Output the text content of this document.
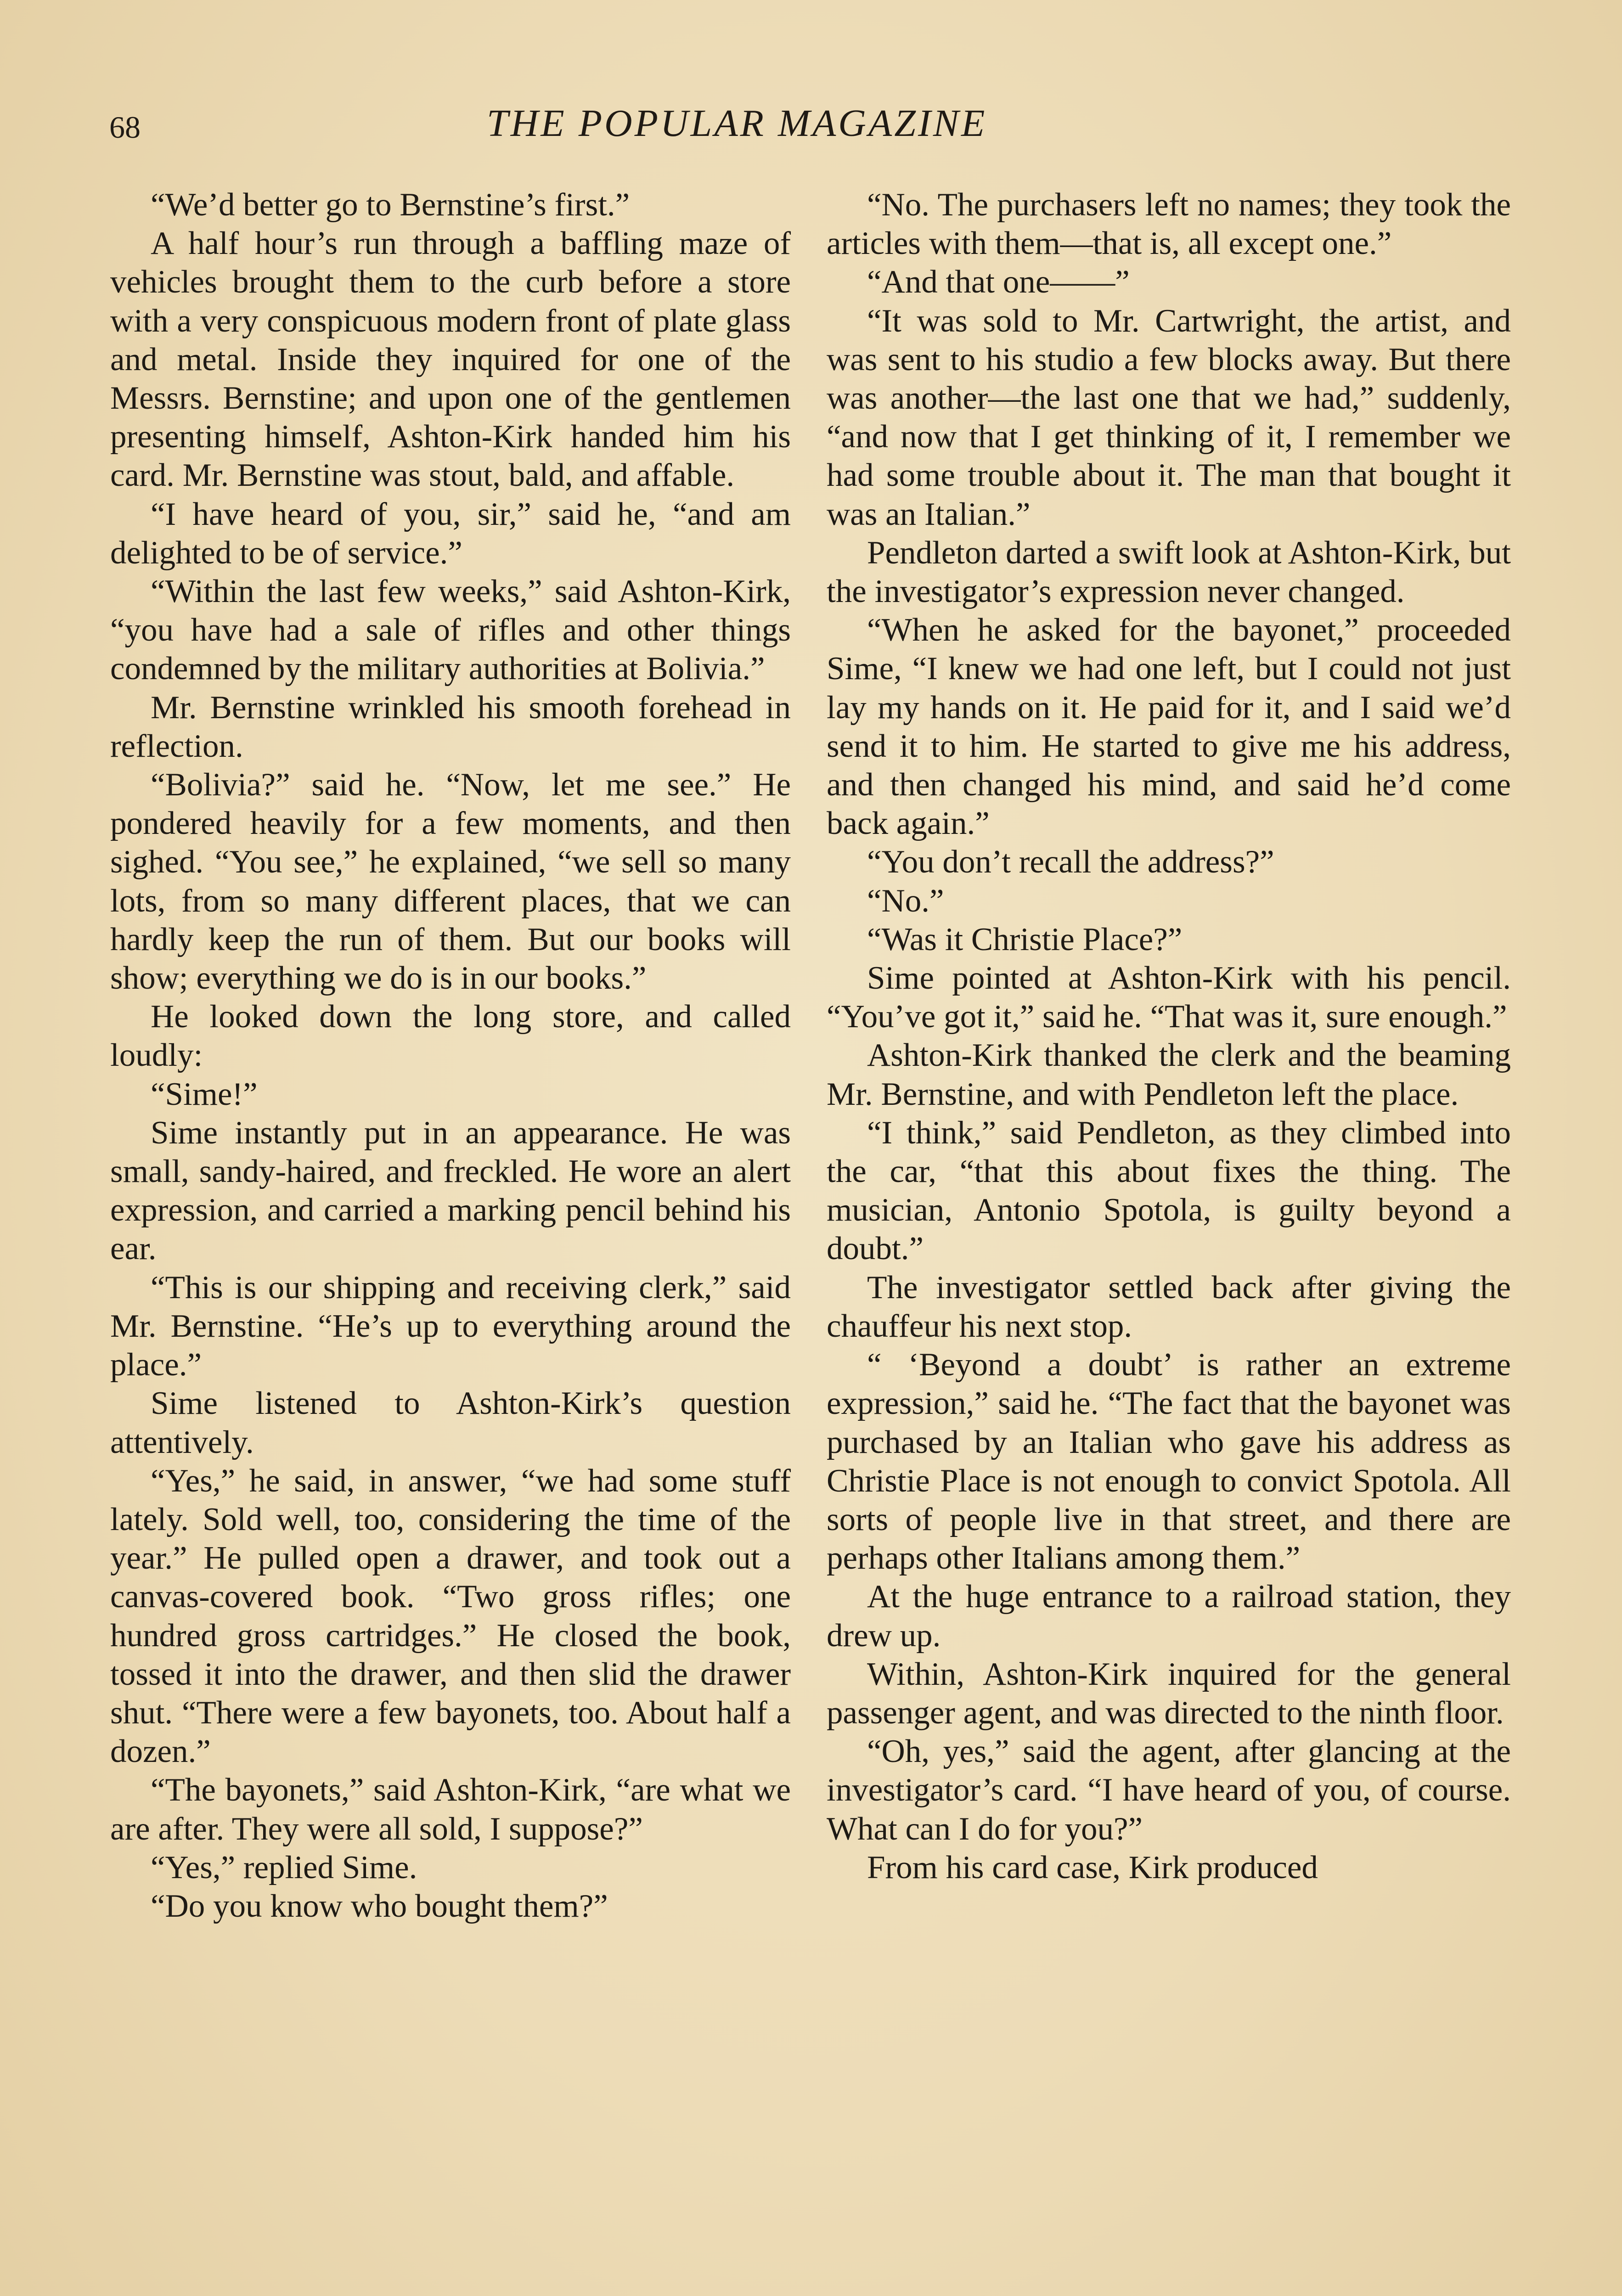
68	THE POPULAR MAGAZINE

“We’d better go to Bernstine’s first.”

A half hour’s run through a baffling maze of vehicles brought them to the curb before a store with a very conspicuous modern front of plate glass and metal. Inside they inquired for one of the Messrs. Bernstine; and upon one of the gentlemen presenting himself, Ashton-Kirk handed him his card. Mr. Bernstine was stout, bald, and affable.

“I have heard of you, sir,” said he, “and am delighted to be of service.”

“Within the last few weeks,” said Ashton-Kirk, “you have had a sale of rifles and other things condemned by the military authorities at Bolivia.”

Mr. Bernstine wrinkled his smooth forehead in reflection.

“Bolivia?” said he. “Now, let me see.” He pondered heavily for a few moments, and then sighed. “You see,” he explained, “we sell so many lots, from so many different places, that we can hardly keep the run of them. But our books will show; everything we do is in our books.”

He looked down the long store, and called loudly:

“Sime!”

Sime instantly put in an appearance. He was small, sandy-haired, and freckled. He wore an alert expression, and carried a marking pencil behind his ear.

“This is our shipping and receiving clerk,” said Mr. Bernstine. “He’s up to everything around the place.”

Sime listened to Ashton-Kirk’s question attentively.

“Yes,” he said, in answer, “we had some stuff lately. Sold well, too, considering the time of the year.” He pulled open a drawer, and took out a canvas-covered book. “Two gross rifles; one hundred gross cartridges.” He closed the book, tossed it into the drawer, and then slid the drawer shut. “There were a few bayonets, too. About half a dozen.”

“The bayonets,” said Ashton-Kirk, “are what we are after. They were all sold, I suppose?”

“Yes,” replied Sime.

“Do you know who bought them?”

“No. The purchasers left no names; they took the articles with them—that is, all except one.”

“And that one——”

“It was sold to Mr. Cartwright, the artist, and was sent to his studio a few blocks away. But there was another—the last one that we had,” suddenly, “and now that I get thinking of it, I remember we had some trouble about it. The man that bought it was an Italian.”

Pendleton darted a swift look at Ashton-Kirk, but the investigator’s expression never changed.

“When he asked for the bayonet,” proceeded Sime, “I knew we had one left, but I could not just lay my hands on it. He paid for it, and I said we’d send it to him. He started to give me his address, and then changed his mind, and said he’d come back again.”

“You don’t recall the address?”

“No.”

“Was it Christie Place?”

Sime pointed at Ashton-Kirk with his pencil. “You’ve got it,” said he. “That was it, sure enough.”

Ashton-Kirk thanked the clerk and the beaming Mr. Bernstine, and with Pendleton left the place.

“I think,” said Pendleton, as they climbed into the car, “that this about fixes the thing. The musician, Antonio Spotola, is guilty beyond a doubt.”

The investigator settled back after giving the chauffeur his next stop.

“ ‘Beyond a doubt’ is rather an extreme expression,” said he. “The fact that the bayonet was purchased by an Italian who gave his address as Christie Place is not enough to convict Spotola. All sorts of people live in that street, and there are perhaps other Italians among them.”

At the huge entrance to a railroad station, they drew up.

Within, Ashton-Kirk inquired for the general passenger agent, and was directed to the ninth floor.

“Oh, yes,” said the agent, after glancing at the investigator’s card. “I have heard of you, of course. What can I do for you?”

From his card case, Kirk produced
